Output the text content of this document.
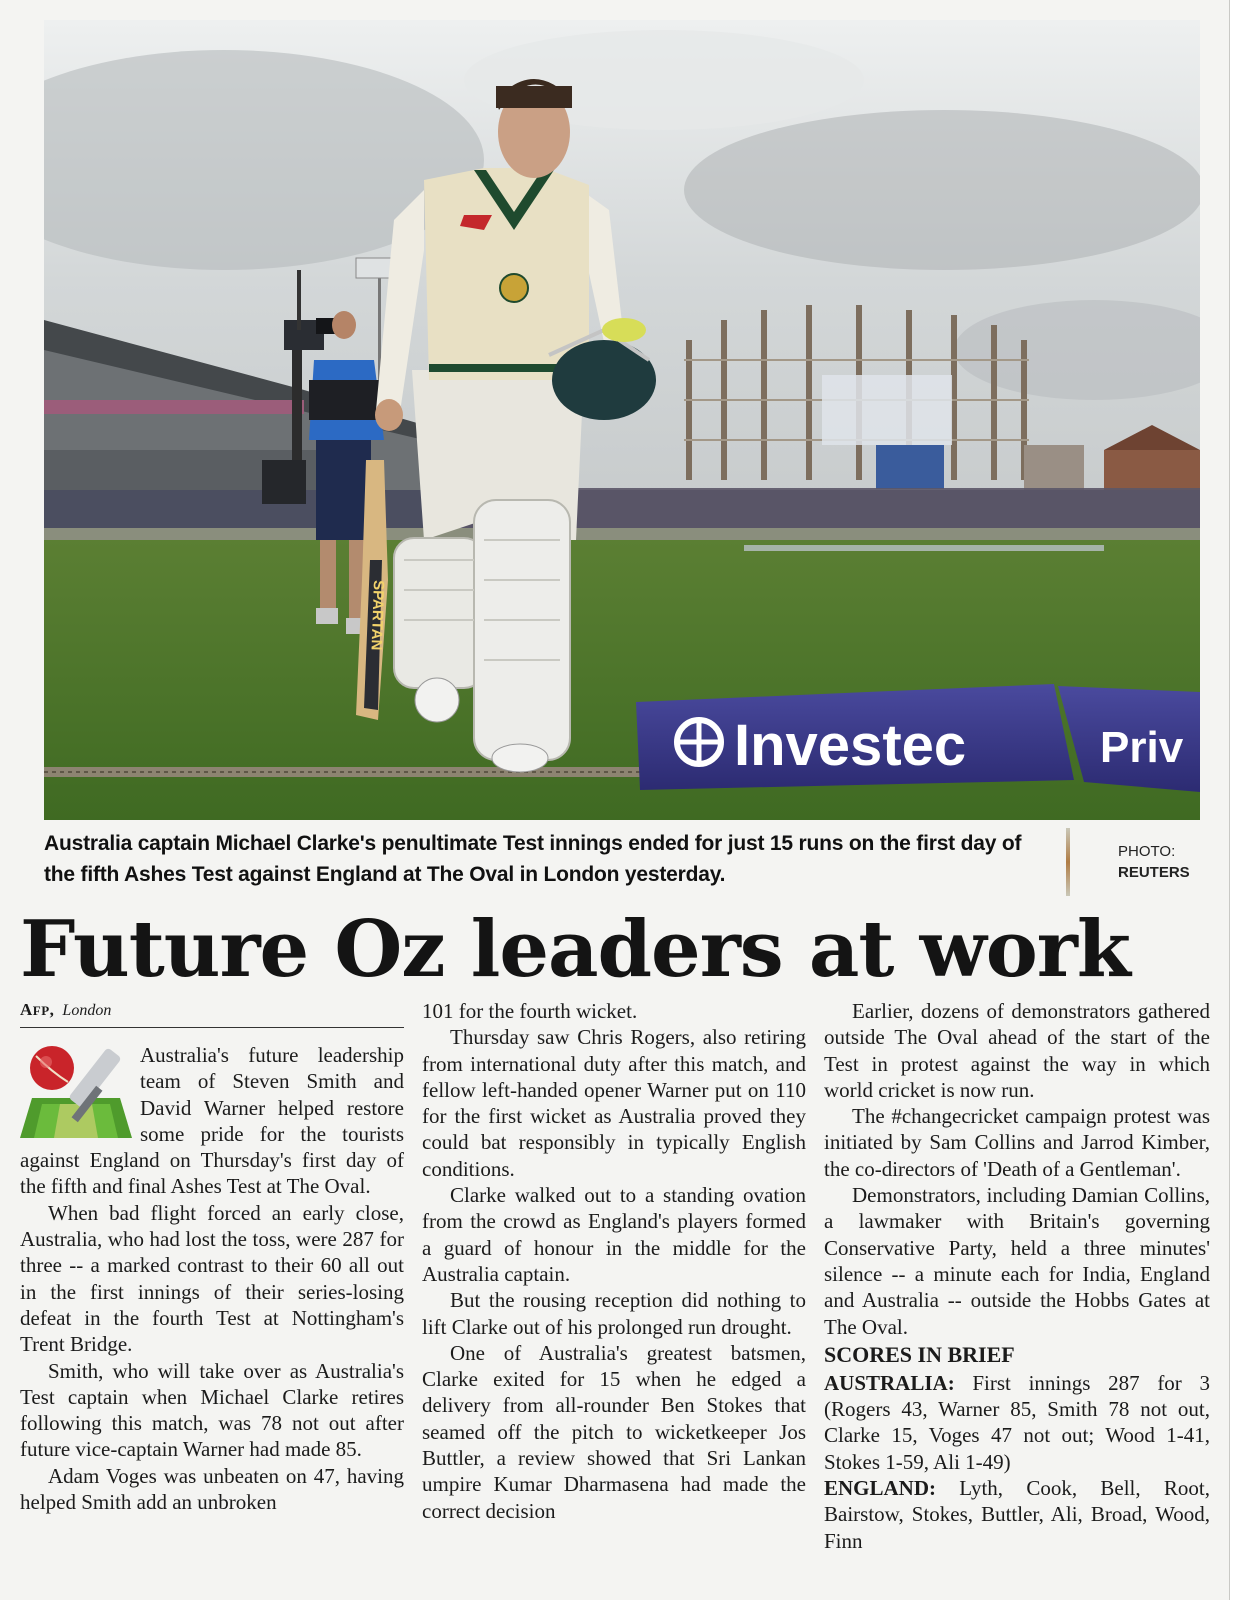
SPARTAN
Investec	Priv
Australia captain Michael Clarke's penultimate Test innings ended for just 15 runs on the first day of the fifth Ashes Test against England at The Oval in London yesterday.
PHOTO:
REUTERS
Future Oz leaders at work
AFP, London

Australia's future leadership team of Steven Smith and David Warner helped restore some pride for the tourists against England on Thursday's first day of the fifth and final Ashes Test at The Oval.

When bad flight forced an early close, Australia, who had lost the toss, were 287 for three -- a marked contrast to their 60 all out in the first innings of their series-losing defeat in the fourth Test at Nottingham's Trent Bridge.

Smith, who will take over as Australia's Test captain when Michael Clarke retires following this match, was 78 not out after future vice-captain Warner had made 85.

Adam Voges was unbeaten on 47, having helped Smith add an unbroken

101 for the fourth wicket.

Thursday saw Chris Rogers, also retiring from international duty after this match, and fellow left-handed opener Warner put on 110 for the first wicket as Australia proved they could bat responsibly in typically English conditions.

Clarke walked out to a standing ovation from the crowd as England's players formed a guard of honour in the middle for the Australia captain.

But the rousing reception did nothing to lift Clarke out of his prolonged run drought.

One of Australia's greatest batsmen, Clarke exited for 15 when he edged a delivery from all-rounder Ben Stokes that seamed off the pitch to wicketkeeper Jos Buttler, a review showed that Sri Lankan umpire Kumar Dharmasena had made the correct decision

Earlier, dozens of demonstrators gathered outside The Oval ahead of the start of the Test in protest against the way in which world cricket is now run.

The #changecricket campaign protest was initiated by Sam Collins and Jarrod Kimber, the co-directors of 'Death of a Gentleman'.

Demonstrators, including Damian Collins, a lawmaker with Britain's governing Conservative Party, held a three minutes' silence -- a minute each for India, England and Australia -- outside the Hobbs Gates at The Oval.

SCORES IN BRIEF

AUSTRALIA: First innings 287 for 3 (Rogers 43, Warner 85, Smith 78 not out, Clarke 15, Voges 47 not out; Wood 1-41, Stokes 1-59, Ali 1-49)

ENGLAND: Lyth, Cook, Bell, Root, Bairstow, Stokes, Buttler, Ali, Broad, Wood, Finn
